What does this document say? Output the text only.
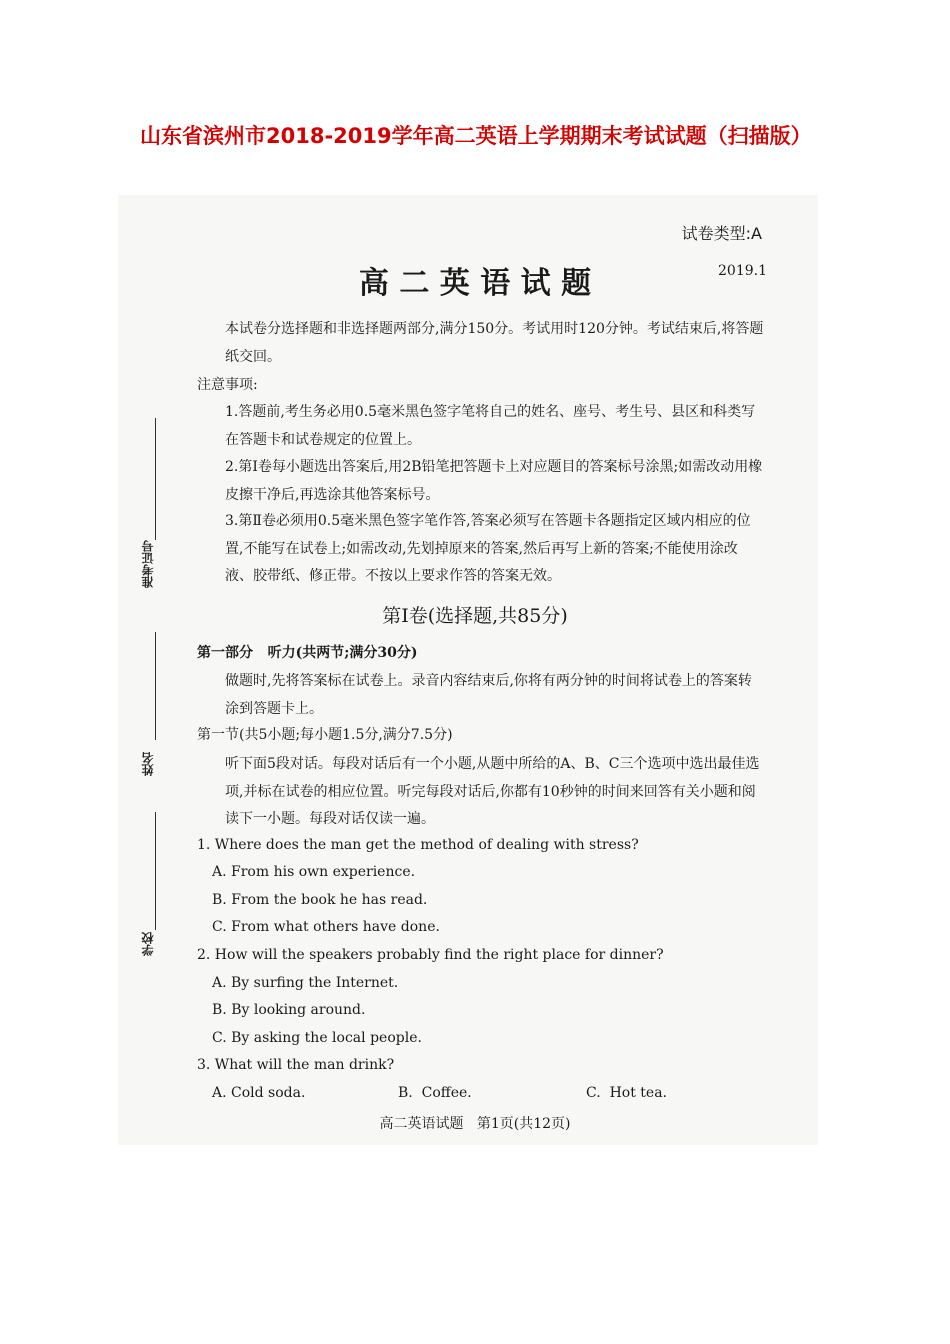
山东省滨州市2018-2019学年高二英语上学期期末考试试题（扫描版）
准考证号
姓名
学校
试卷类型:A
高 二 英 语 试 题	2019.1
本试卷分选择题和非选择题两部分,满分150分。考试用时120分钟。考试结束后,将答题纸交回。
注意事项:
1.答题前,考生务必用0.5毫米黑色签字笔将自己的姓名、座号、考生号、县区和科类写在答题卡和试卷规定的位置上。
2.第Ⅰ卷每小题选出答案后,用2B铅笔把答题卡上对应题目的答案标号涂黑;如需改动用橡皮擦干净后,再选涂其他答案标号。
3.第Ⅱ卷必须用0.5毫米黑色签字笔作答,答案必须写在答题卡各题指定区域内相应的位置,不能写在试卷上;如需改动,先划掉原来的答案,然后再写上新的答案;不能使用涂改液、胶带纸、修正带。不按以上要求作答的答案无效。
第Ⅰ卷(选择题,共85分)
第一部分   听力(共两节;满分30分)
做题时,先将答案标在试卷上。录音内容结束后,你将有两分钟的时间将试卷上的答案转涂到答题卡上。
第一节(共5小题;每小题1.5分,满分7.5分)
听下面5段对话。每段对话后有一个小题,从题中所给的A、B、C三个选项中选出最佳选项,并标在试卷的相应位置。听完每段对话后,你都有10秒钟的时间来回答有关小题和阅读下一小题。每段对话仅读一遍。
1. Where does the man get the method of dealing with stress?
A. From his own experience.
B. From the book he has read.
C. From what others have done.
2. How will the speakers probably find the right place for dinner?
A. By surfing the Internet.
B. By looking around.
C. By asking the local people.
3. What will the man drink?
A. Cold soda.	B.  Coffee.	C.  Hot tea.
高二英语试题   第1页(共12页)
